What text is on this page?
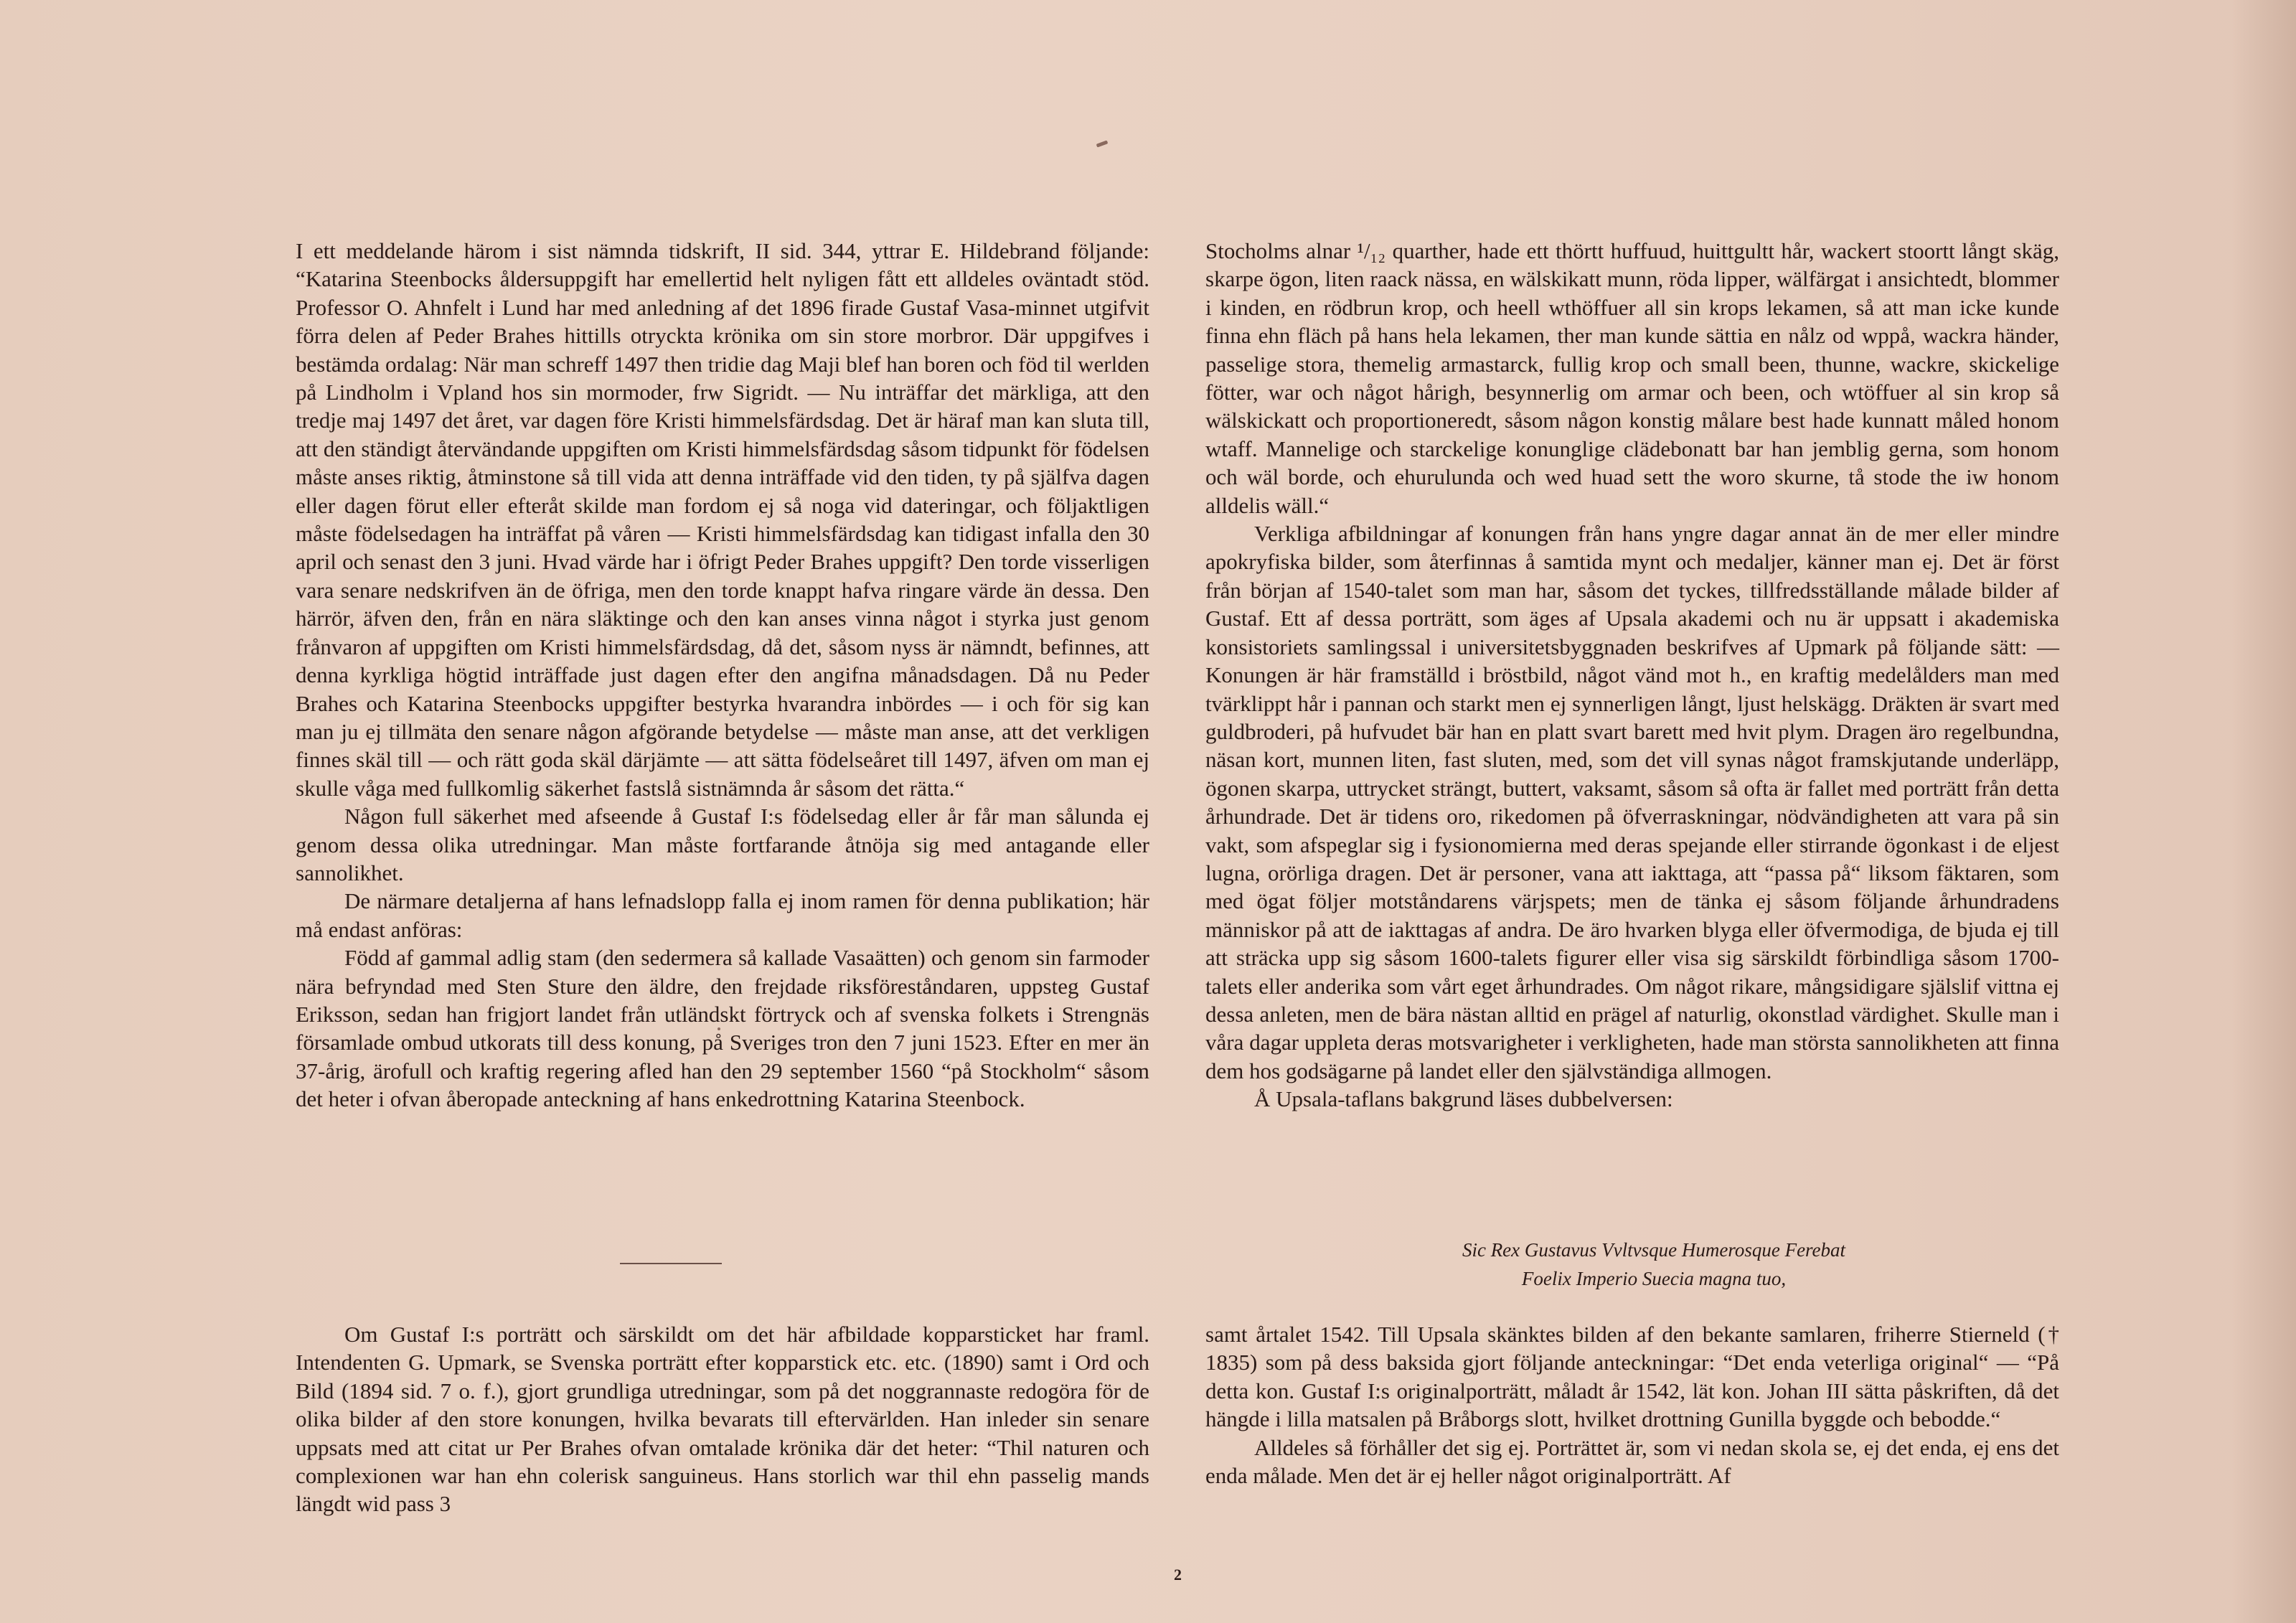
I ett meddelande härom i sist nämnda tidskrift, II sid. 344, yttrar E. Hildebrand följande: “Katarina Steenbocks åldersuppgift har emellertid helt nyligen fått ett alldeles oväntadt stöd. Professor O. Ahnfelt i Lund har med anledning af det 1896 firade Gustaf Vasa-minnet utgifvit förra delen af Peder Brahes hittills otryckta krönika om sin store morbror. Där uppgifves i bestämda ordalag: När man schreff 1497 then tridie dag Maji blef han boren och föd til werlden på Lindholm i Vpland hos sin mormoder, frw Sigridt. — Nu inträffar det märkliga, att den tredje maj 1497 det året, var dagen före Kristi himmelsfärdsdag. Det är häraf man kan sluta till, att den ständigt återvändande uppgiften om Kristi himmelsfärdsdag såsom tidpunkt för födelsen måste anses riktig, åtminstone så till vida att denna inträffade vid den tiden, ty på själfva dagen eller dagen förut eller efteråt skilde man fordom ej så noga vid dateringar, och följaktligen måste födelsedagen ha inträffat på våren — Kristi himmelsfärdsdag kan tidigast infalla den 30 april och senast den 3 juni. Hvad värde har i öfrigt Peder Brahes uppgift? Den torde visserligen vara senare nedskrifven än de öfriga, men den torde knappt hafva ringare värde än dessa. Den härrör, äfven den, från en nära släktinge och den kan anses vinna något i styrka just genom frånvaron af uppgiften om Kristi himmelsfärdsdag, då det, såsom nyss är nämndt, befinnes, att denna kyrkliga högtid inträffade just dagen efter den angifna månadsdagen. Då nu Peder Brahes och Katarina Steenbocks uppgifter bestyrka hvarandra inbördes — i och för sig kan man ju ej tillmäta den senare någon afgörande betydelse — måste man anse, att det verkligen finnes skäl till — och rätt goda skäl därjämte — att sätta födelseåret till 1497, äfven om man ej skulle våga med fullkomlig säkerhet fastslå sistnämnda år såsom det rätta.“

Någon full säkerhet med afseende å Gustaf I:s födelsedag eller år får man sålunda ej genom dessa olika utredningar. Man måste fortfarande åtnöja sig med antagande eller sannolikhet.

De närmare detaljerna af hans lefnadslopp falla ej inom ramen för denna publikation; här må endast anföras:

Född af gammal adlig stam (den sedermera så kallade Vasaätten) och genom sin farmoder nära befryndad med Sten Sture den äldre, den frejdade riksföreståndaren, uppsteg Gustaf Eriksson, sedan han frigjort landet från utländskt förtryck och af svenska folkets i Strengnäs församlade ombud utkorats till dess konung, på Sveriges tron den 7 juni 1523. Efter en mer än 37-årig, ärofull och kraftig regering afled han den 29 september 1560 “på Stockholm“ såsom det heter i ofvan åberopade anteckning af hans enkedrottning Katarina Steenbock.

Stocholms alnar ¹/₁₂ quarther, hade ett thörtt huffuud, huittgultt hår, wackert stoortt långt skäg, skarpe ögon, liten raack nässa, en wälskikatt munn, röda lipper, wälfärgat i ansichtedt, blommer i kinden, en rödbrun krop, och heell wthöffuer all sin krops lekamen, så att man icke kunde finna ehn fläch på hans hela lekamen, ther man kunde sättia en nålz od wppå, wackra händer, passelige stora, themelig armastarck, fullig krop och small been, thunne, wackre, skickelige fötter, war och något hårigh, besynnerlig om armar och been, och wtöffuer al sin krop så wälskickatt och proportioneredt, såsom någon konstig målare best hade kunnatt måled honom wtaff. Mannelige och starckelige konunglige clädebonatt bar han jemblig gerna, som honom och wäl borde, och ehurulunda och wed huad sett the woro skurne, tå stode the iw honom alldelis wäll.“

Verkliga afbildningar af konungen från hans yngre dagar annat än de mer eller mindre apokryfiska bilder, som återfinnas å samtida mynt och medaljer, känner man ej. Det är först från början af 1540-talet som man har, såsom det tyckes, tillfredsställande målade bilder af Gustaf. Ett af dessa porträtt, som äges af Upsala akademi och nu är uppsatt i akademiska konsistoriets samlingssal i universitetsbyggnaden beskrifves af Upmark på följande sätt: — Konungen är här framställd i bröstbild, något vänd mot h., en kraftig medelålders man med tvärklippt hår i pannan och starkt men ej synnerligen långt, ljust helskägg. Dräkten är svart med guldbroderi, på hufvudet bär han en platt svart barett med hvit plym. Dragen äro regelbundna, näsan kort, munnen liten, fast sluten, med, som det vill synas något framskjutande underläpp, ögonen skarpa, uttrycket strängt, buttert, vaksamt, såsom så ofta är fallet med porträtt från detta århundrade. Det är tidens oro, rikedomen på öfverraskningar, nödvändigheten att vara på sin vakt, som afspeglar sig i fysionomierna med deras spejande eller stirrande ögonkast i de eljest lugna, orörliga dragen. Det är personer, vana att iakttaga, att “passa på“ liksom fäktaren, som med ögat följer motståndarens värjspets; men de tänka ej såsom följande århundradens människor på att de iakttagas af andra. De äro hvarken blyga eller öfvermodiga, de bjuda ej till att sträcka upp sig såsom 1600-talets figurer eller visa sig särskildt förbindliga såsom 1700-talets eller anderika som vårt eget århundrades. Om något rikare, mångsidigare själslif vittna ej dessa anleten, men de bära nästan alltid en prägel af naturlig, okonstlad värdighet. Skulle man i våra dagar uppleta deras motsvarigheter i verkligheten, hade man största sannolikheten att finna dem hos godsägarne på landet eller den självständiga allmogen.

Å Upsala-taflans bakgrund läses dubbelversen:

Sic Rex Gustavus Vvltvsque Humerosque Ferebat
Foelix Imperio Suecia magna tuo,

Om Gustaf I:s porträtt och särskildt om det här afbildade kopparsticket har framl. Intendenten G. Upmark, se Svenska porträtt efter kopparstick etc. etc. (1890) samt i Ord och Bild (1894 sid. 7 o. f.), gjort grundliga utredningar, som på det noggrannaste redogöra för de olika bilder af den store konungen, hvilka bevarats till eftervärlden. Han inleder sin senare uppsats med att citat ur Per Brahes ofvan omtalade krönika där det heter: “Thil naturen och complexionen war han ehn colerisk sanguineus. Hans storlich war thil ehn passelig mands längdt wid pass 3

samt årtalet 1542. Till Upsala skänktes bilden af den bekante samlaren, friherre Stierneld († 1835) som på dess baksida gjort följande anteckningar: “Det enda veterliga original“ — “På detta kon. Gustaf I:s originalporträtt, måladt år 1542, lät kon. Johan III sätta påskriften, då det hängde i lilla matsalen på Bråborgs slott, hvilket drottning Gunilla byggde och bebodde.“

Alldeles så förhåller det sig ej. Porträttet är, som vi nedan skola se, ej det enda, ej ens det enda målade. Men det är ej heller något originalporträtt. Af

2
